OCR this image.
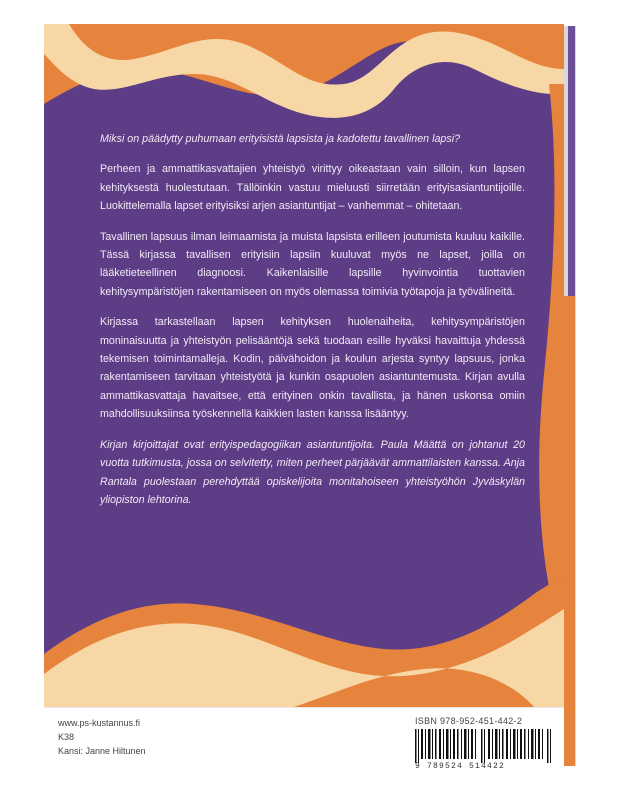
Miksi on päädytty puhumaan erityisistä lapsista ja kadotettu tavallinen lapsi?

Perheen ja ammattikasvattajien yhteistyö virittyy oikeastaan vain silloin, kun lapsen kehityksestä huolestutaan. Tällöinkin vastuu mieluusti siirretään erityisasiantuntijoille. Luokittelemalla lapset erityisiksi arjen asiantuntijat – vanhemmat – ohitetaan.

Tavallinen lapsuus ilman leimaamista ja muista lapsista erilleen joutumista kuuluu kaikille. Tässä kirjassa tavallisen erityisiin lapsiin kuuluvat myös ne lapset, joilla on lääketieteellinen diagnoosi. Kaikenlaisille lapsille hyvinvointia tuottavien kehitysympäristöjen rakentamiseen on myös olemassa toimivia työtapoja ja työvälineitä.

Kirjassa tarkastellaan lapsen kehityksen huolenaiheita, kehitysympäristöjen moninaisuutta ja yhteistyön pelisääntöjä sekä tuodaan esille hyväksi havaittuja yhdessä tekemisen toimintamalleja. Kodin, päivähoidon ja koulun arjesta syntyy lapsuus, jonka rakentamiseen tarvitaan yhteistyötä ja kunkin osapuolen asiantuntemusta. Kirjan avulla ammattikasvattaja havaitsee, että erityinen onkin tavallista, ja hänen uskonsa omiin mahdollisuuksiinsa työskennellä kaikkien lasten kanssa lisääntyy.

Kirjan kirjoittajat ovat erityispedagogiikan asiantuntijoita. Paula Määttä on johtanut 20 vuotta tutkimusta, jossa on selvitetty, miten perheet pärjäävät ammattilaisten kanssa. Anja Rantala puolestaan perehdyttää opiskelijoita monitahoiseen yhteistyöhön Jyväskylän yliopiston lehtorina.

www.ps-kustannus.fi
K38
Kansi: Janne Hiltunen
ISBN 978-952-451-442-2
9 789524 514422
